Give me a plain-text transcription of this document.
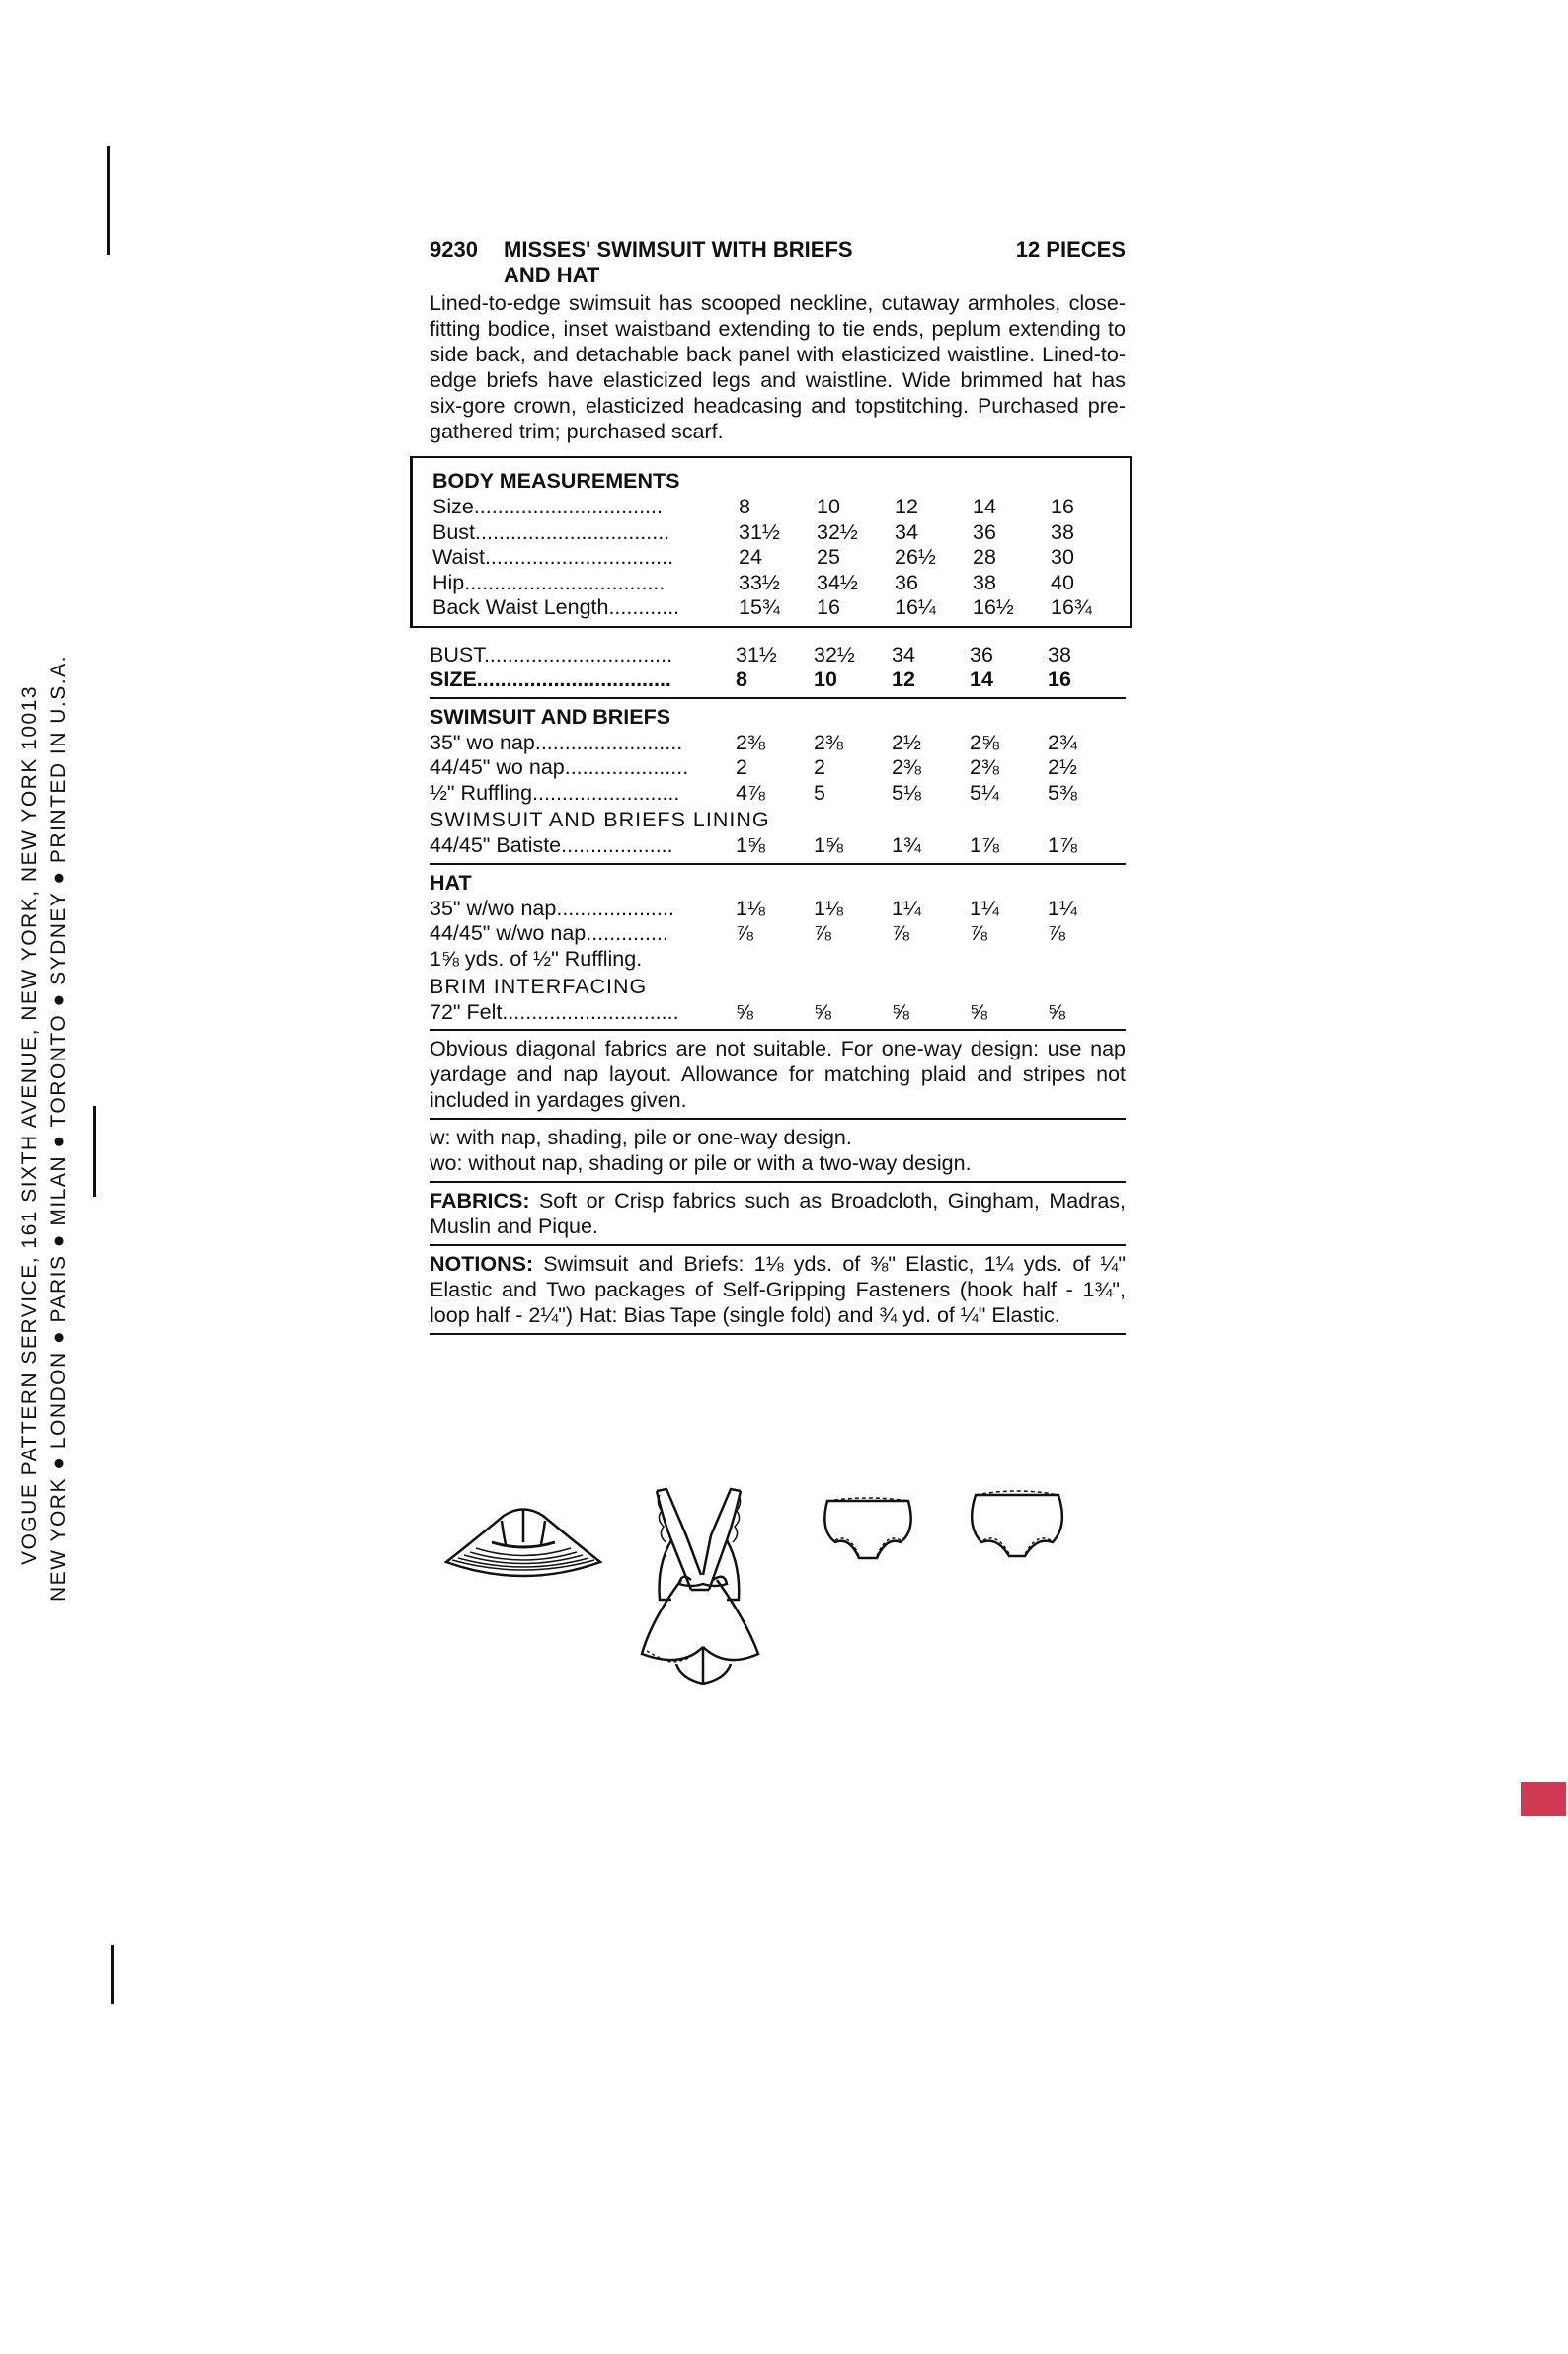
VOGUE PATTERN SERVICE, 161 SIXTH AVENUE, NEW YORK, NEW YORK 10013 NEW YORK ● LONDON ● PARIS ● MILAN ● TORONTO ● SYDNEY ● PRINTED IN U.S.A.
9230	MISSES' SWIMSUIT WITH BRIEFS	12 PIECES
AND HAT
Lined-to-edge swimsuit has scooped neckline, cutaway armholes, close-fitting bodice, inset waistband extending to tie ends, peplum extending to side back, and detachable back panel with elasticized waistline. Lined-to-edge briefs have elasticized legs and waistline. Wide brimmed hat has six-gore crown, elasticized headcasing and topstitching. Purchased pre-gathered trim; purchased scarf.
BODY MEASUREMENTS
Size................................	8	10	12	14	16
Bust.................................	31½	32½	34	36	38
Waist................................	24	25	26½	28	30
Hip..................................	33½	34½	36	38	40
Back Waist Length............	15¾	16	16¼	16½	16¾
BUST................................	31½	32½	34	36	38
SIZE.................................	8	10	12	14	16
SWIMSUIT AND BRIEFS
35" wo nap.........................	2⅜	2⅜	2½	2⅝	2¾
44/45" wo nap.....................	2	2	2⅜	2⅜	2½
½" Ruffling.........................	4⅞	5	5⅛	5¼	5⅜
SWIMSUIT AND BRIEFS LINING
44/45" Batiste...................	1⅝	1⅝	1¾	1⅞	1⅞
HAT
35" w/wo nap....................	1⅛	1⅛	1¼	1¼	1¼
44/45" w/wo nap..............	⅞	⅞	⅞	⅞	⅞
1⅝ yds. of ½" Ruffling.
BRIM INTERFACING
72" Felt..............................	⅝	⅝	⅝	⅝	⅝
Obvious diagonal fabrics are not suitable. For one-way design: use nap yardage and nap layout. Allowance for matching plaid and stripes not included in yardages given.
w: with nap, shading, pile or one-way design.
wo: without nap, shading or pile or with a two-way design.
FABRICS: Soft or Crisp fabrics such as Broadcloth, Gingham, Madras, Muslin and Pique.
NOTIONS: Swimsuit and Briefs: 1⅛ yds. of ⅜" Elastic, 1¼ yds. of ¼" Elastic and Two packages of Self-Gripping Fasteners (hook half - 1¾", loop half - 2¼") Hat: Bias Tape (single fold) and ¾ yd. of ¼" Elastic.
